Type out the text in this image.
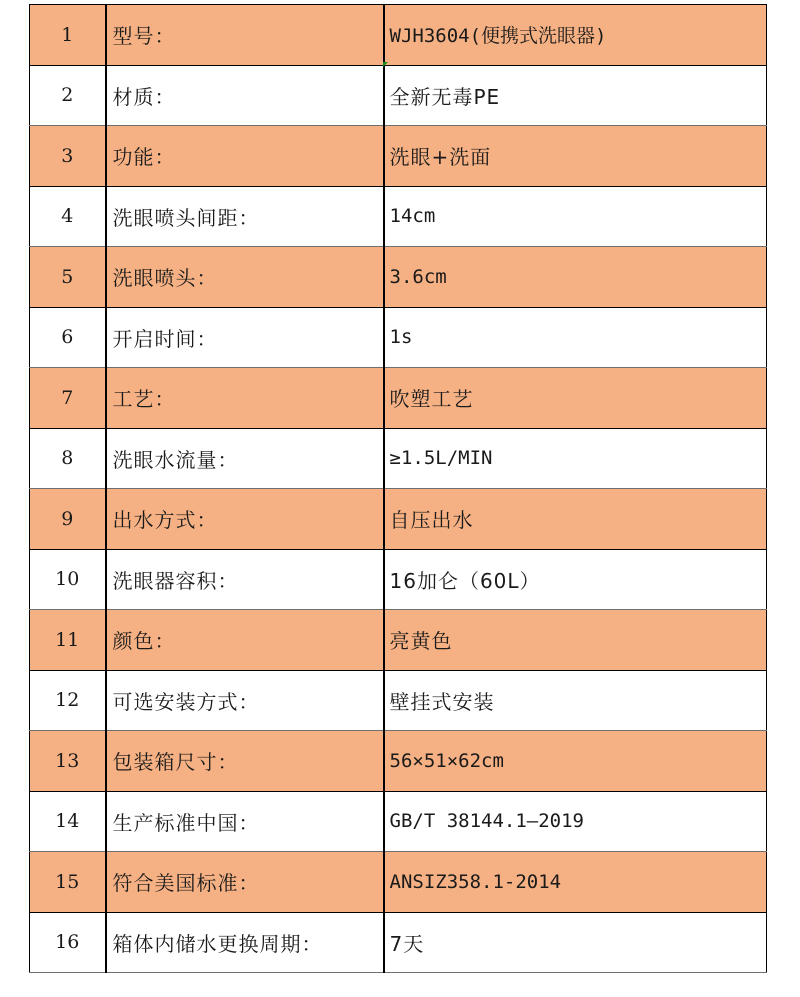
1	型号：	WJH3604(便携式洗眼器)
2	材质：	全新无毒PE
3	功能：	洗眼+洗面
4	洗眼喷头间距：	14cm
5	洗眼喷头：	3.6cm
6	开启时间：	1s
7	工艺：	吹塑工艺
8	洗眼水流量：	≥1.5L/MIN
9	出水方式：	自压出水
10	洗眼器容积：	16加仑（60L）
11	颜色：	亮黄色
12	可选安装方式：	壁挂式安装
13	包装箱尺寸：	56×51×62cm
14	生产标准中国：	GB/T 38144.1—2019
15	符合美国标准：	ANSIZ358.1-2014
16	箱体内储水更换周期：	7天
